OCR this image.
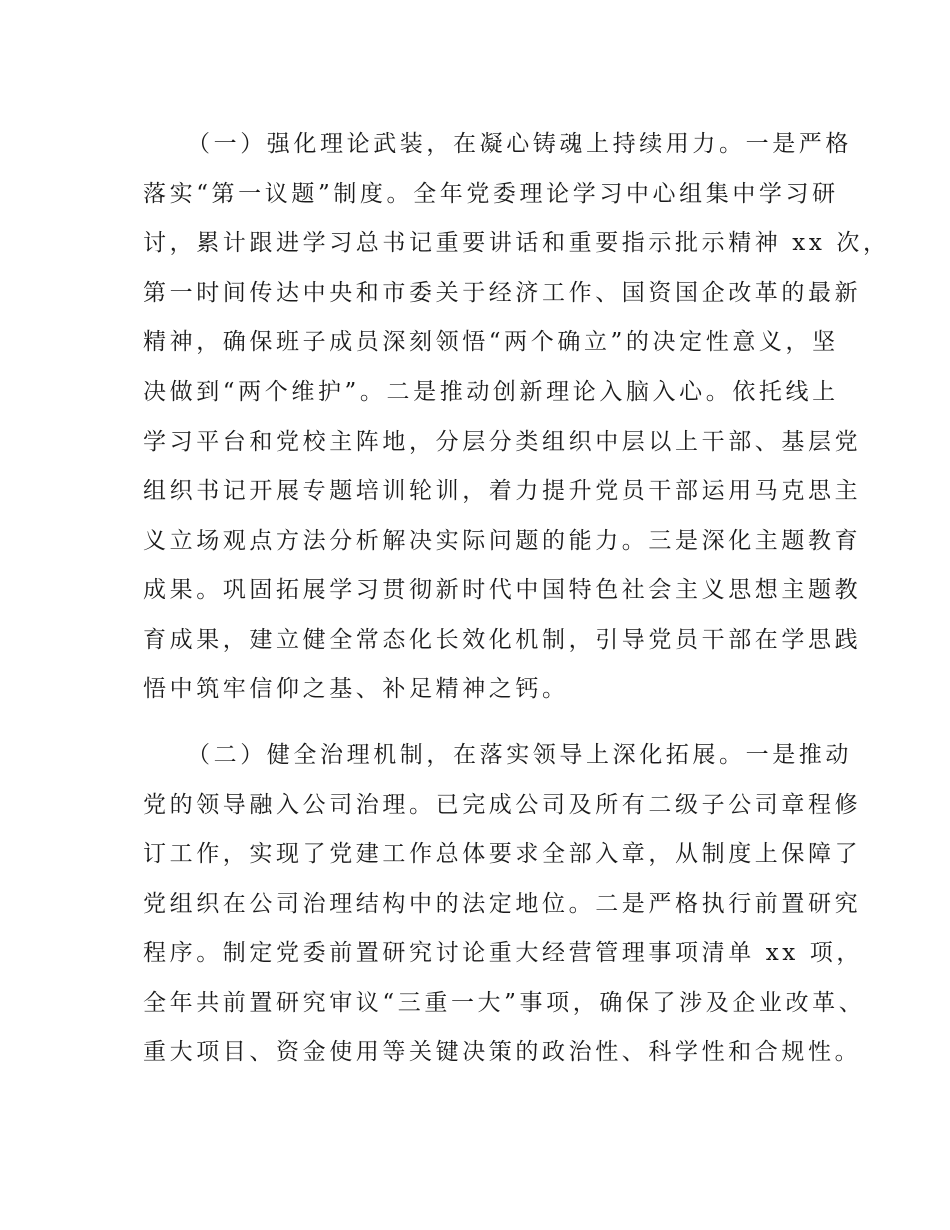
（一）强化理论武装，在凝心铸魂上持续用力。一是严格

落实“第一议题”制度。全年党委理论学习中心组集中学习研

讨，累计跟进学习总书记重要讲话和重要指示批示精神 xx 次，

第一时间传达中央和市委关于经济工作、国资国企改革的最新

精神，确保班子成员深刻领悟“两个确立”的决定性意义，坚

决做到“两个维护”。二是推动创新理论入脑入心。依托线上

学习平台和党校主阵地，分层分类组织中层以上干部、基层党

组织书记开展专题培训轮训，着力提升党员干部运用马克思主

义立场观点方法分析解决实际问题的能力。三是深化主题教育

成果。巩固拓展学习贯彻新时代中国特色社会主义思想主题教

育成果，建立健全常态化长效化机制，引导党员干部在学思践

悟中筑牢信仰之基、补足精神之钙。

（二）健全治理机制，在落实领导上深化拓展。一是推动

党的领导融入公司治理。已完成公司及所有二级子公司章程修

订工作，实现了党建工作总体要求全部入章，从制度上保障了

党组织在公司治理结构中的法定地位。二是严格执行前置研究

程序。制定党委前置研究讨论重大经营管理事项清单 xx 项，

全年共前置研究审议“三重一大”事项，确保了涉及企业改革、

重大项目、资金使用等关键决策的政治性、科学性和合规性。
